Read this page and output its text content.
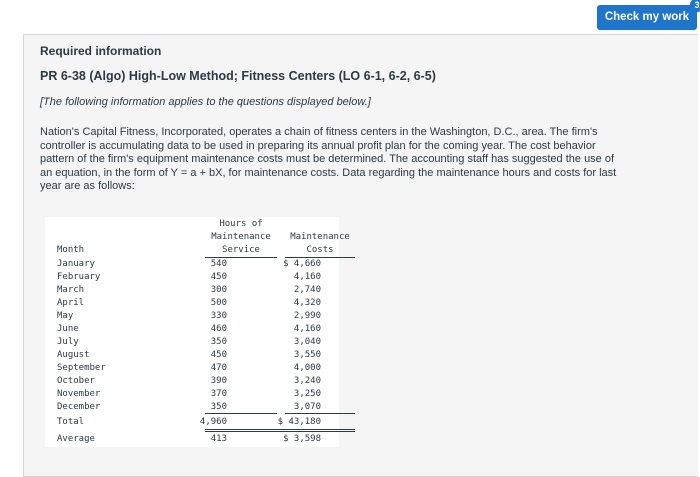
Check my work
3
Required information
PR 6-38 (Algo) High-Low Method; Fitness Centers (LO 6-1, 6-2, 6-5)
[The following information applies to the questions displayed below.]
Nation's Capital Fitness, Incorporated, operates a chain of fitness centers in the Washington, D.C., area. The firm's controller is accumulating data to be used in preparing its annual profit plan for the coming year. The cost behavior pattern of the firm's equipment maintenance costs must be determined. The accounting staff has suggested the use of an equation, in the form of Y = a + bX, for maintenance costs. Data regarding the maintenance hours and costs for last year are as follows:
Hours of
Maintenance	Maintenance
Month	Service	Costs
January	540	$ 4,660
February	450	4,160
March	300	2,740
April	500	4,320
May	330	2,990
June	460	4,160
July	350	3,040
August	450	3,550
September	470	4,000
October	390	3,240
November	370	3,250
December	350	3,070
Total	4,960	$ 43,180
Average	413	$ 3,598
